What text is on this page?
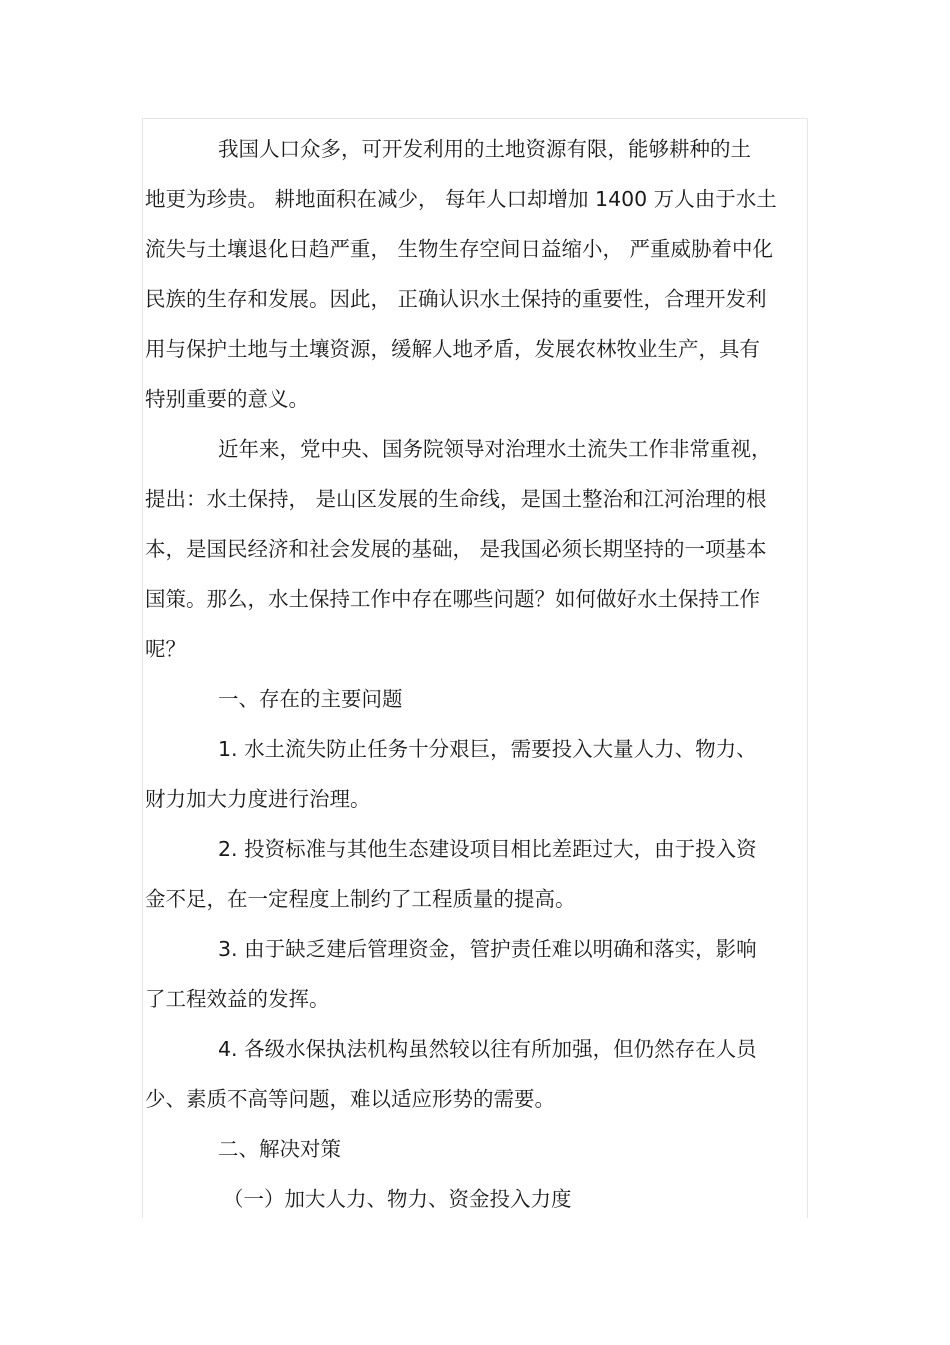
我国人口众多，可开发利用的土地资源有限，能够耕种的土
地更为珍贵。 耕地面积在减少， 每年人口却增加 1400 万人由于水土
流失与土壤退化日趋严重， 生物生存空间日益缩小， 严重威胁着中化
民族的生存和发展。因此， 正确认识水土保持的重要性，合理开发利
用与保护土地与土壤资源，缓解人地矛盾，发展农林牧业生产，具有
特别重要的意义。
近年来，党中央、国务院领导对治理水土流失工作非常重视，
提出：水土保持， 是山区发展的生命线，是国土整治和江河治理的根
本，是国民经济和社会发展的基础， 是我国必须长期坚持的一项基本
国策。那么，水土保持工作中存在哪些问题？如何做好水土保持工作
呢？
一、存在的主要问题
1. 水土流失防止任务十分艰巨，需要投入大量人力、物力、
财力加大力度进行治理。
2. 投资标准与其他生态建设项目相比差距过大，由于投入资
金不足，在一定程度上制约了工程质量的提高。
3. 由于缺乏建后管理资金，管护责任难以明确和落实，影响
了工程效益的发挥。
4. 各级水保执法机构虽然较以往有所加强，但仍然存在人员
少、素质不高等问题，难以适应形势的需要。
二、解决对策
（一）加大人力、物力、资金投入力度
